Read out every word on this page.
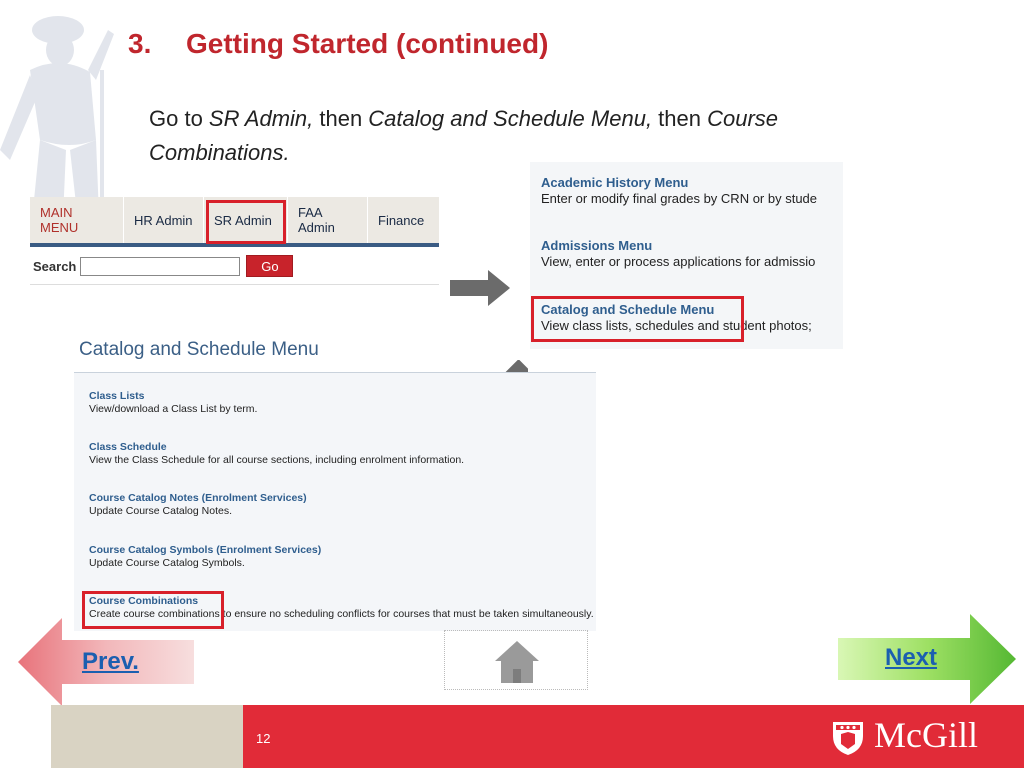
3. Getting Started (continued)
Go to SR Admin, then Catalog and Schedule Menu, then Course Combinations.
MAIN MENU	HR Admin	SR Admin	FAA Admin	Finance
Search	Go
Academic History Menu
Enter or modify final grades by CRN or by stude
Admissions Menu
View, enter or process applications for admissio
Catalog and Schedule Menu
View class lists, schedules and student photos;
Catalog and Schedule Menu
Class Lists
View/download a Class List by term.
Class Schedule
View the Class Schedule for all course sections, including enrolment information.
Course Catalog Notes (Enrolment Services)
Update Course Catalog Notes.
Course Catalog Symbols (Enrolment Services)
Update Course Catalog Symbols.
Course Combinations
Create course combinations to ensure no scheduling conflicts for courses that must be taken simultaneously.
Prev.	Next
12	McGill
